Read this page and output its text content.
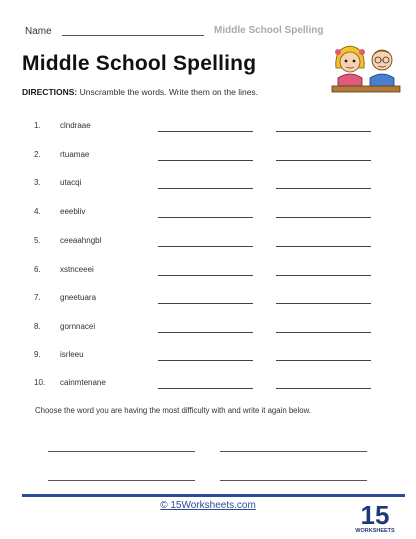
Name	Middle School Spelling
Middle School Spelling
DIRECTIONS: Unscramble the words. Write them on the lines.
1.	clndraae
2.	rtuamae
3.	utacqi
4.	eeebliv
5.	ceeaahngbl
6.	xstnceeei
7.	gneetuara
8.	gornnacei
9.	isrleeu
10.	cainmtenane
Choose the word you are having the most difficulty with and write it again below.
© 15Worksheets.com	15
WORKSHEETS
